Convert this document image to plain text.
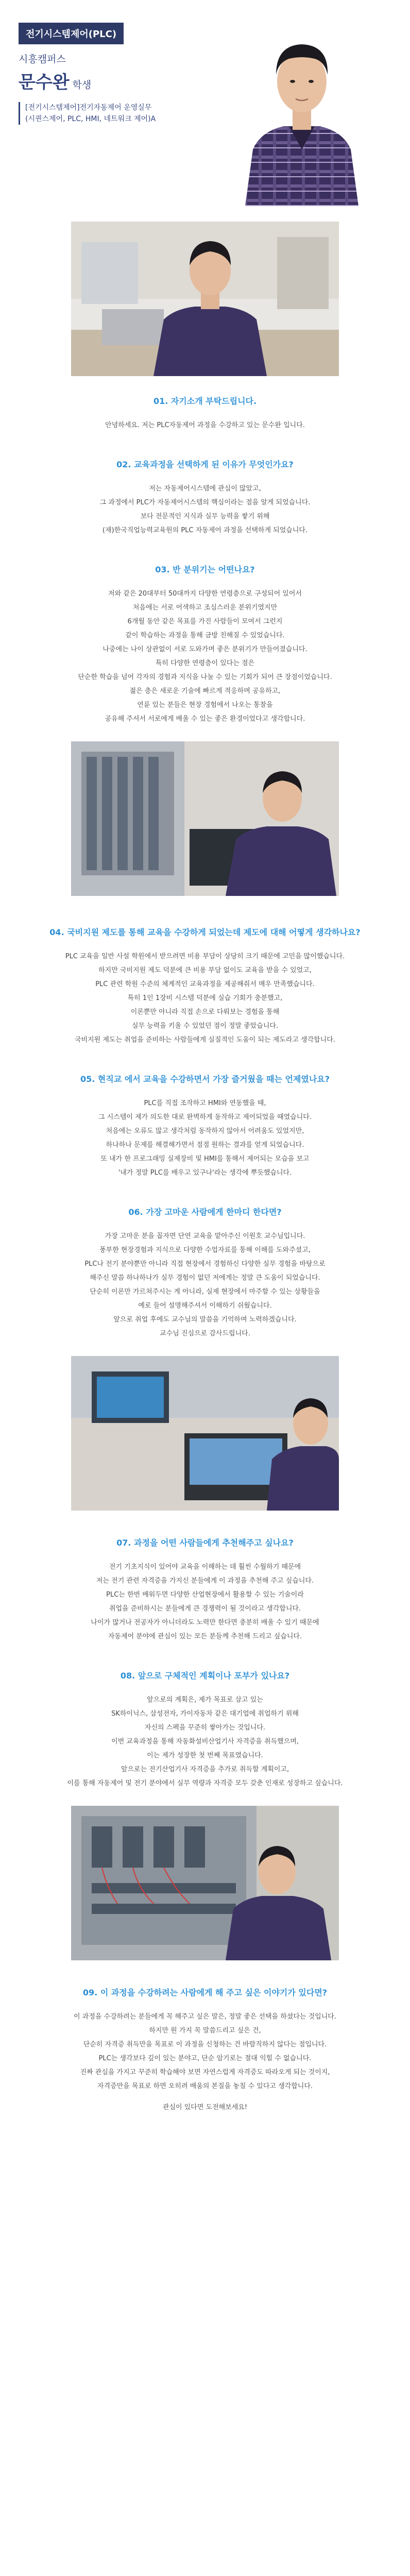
전기시스템제어(PLC)
시흥캠퍼스
문수완 학생
[전기시스템제어]전기자동제어 운영실무
(시퀀스제어, PLC, HMI, 네트워크 제어)A
01. 자기소개 부탁드립니다.

안녕하세요. 저는 PLC자동제어 과정을 수강하고 있는 문수완 입니다.

02. 교육과정을 선택하게 된 이유가 무엇인가요?

저는 자동제어시스템에 관심이 많았고,

그 과정에서 PLC가 자동제어시스템의 핵심이라는 점을 알게 되었습니다.

보다 전문적인 지식과 실무 능력을 쌓기 위해

(재)한국직업능력교육원의 PLC 자동제어 과정을 선택하게 되었습니다.

03. 반 분위기는 어떤나요?

저와 같은 20대부터 50대까지 다양한 연령층으로 구성되어 있어서

처음에는 서로 어색하고 조심스러운 분위기였지만

6개월 동안 같은 목표를 가진 사람들이 모여서 그런지

같이 학습하는 과정을 통해 금방 친해질 수 있었습니다.

나중에는 나이 상관없이 서로 도와가며 좋은 분위기가 만들어졌습니다.

특히 다양한 연령층이 있다는 점은

단순한 학습을 넘어 각자의 경험과 지식을 나눌 수 있는 기회가 되어 큰 장점이었습니다.

젊은 층은 새로운 기술에 빠르게 적응하며 공유하고,

연륜 있는 분들은 현장 경험에서 나오는 통찰을

공유해 주셔서 서로에게 배울 수 있는 좋은 환경이었다고 생각합니다.

04. 국비지원 제도를 통해 교육을 수강하게 되었는데 제도에 대해 어떻게 생각하나요?

PLC 교육을 일반 사설 학원에서 받으려면 비용 부담이 상당히 크기 때문에 고민을 많이했습니다.

하지만 국비지원 제도 덕분에 큰 비용 부담 없이도 교육을 받을 수 있었고,

PLC 관련 학원 수준의 체계적인 교육과정을 제공해줘서 매우 만족했습니다.

특히 1인 1장비 시스템 덕분에 실습 기회가 충분했고,

이론뿐만 아니라 직접 손으로 다뤄보는 경험을 통해

실무 능력을 키울 수 있었던 점이 정말 좋았습니다.

국비지원 제도는 취업을 준비하는 사람들에게 실질적인 도움이 되는 제도라고 생각합니다.

05. 현직교 에서 교육을 수강하면서 가장 즐거웠을 때는 언제였나요?

PLC를 직접 조작하고 HMI와 연동했을 때,

그 시스템이 제가 의도한 대로 완벽하게 동작하고 제어되었을 때였습니다.

처음에는 오류도 많고 생각처럼 동작하지 않아서 어려움도 있었지만,

하나하나 문제를 해결해가면서 점점 원하는 결과를 얻게 되었습니다.

또 내가 한 프로그래밍 실제장비 및 HMI를 통해서 제어되는 모습을 보고

'내가 정말 PLC를 배우고 있구나'라는 생각에 뿌듯했습니다.

06. 가장 고마운 사람에게 한마디 한다면?

가장 고마운 분을 꼽자면 단연 교육을 맡아주신 이원호 교수님입니다.

풍부한 현장경험과 지식으로 다양한 수업자료를 통해 이해를 도와주셨고,

PLC나 전기 분야뿐만 아니라 직접 현장에서 경험하신 다양한 실무 경험을 바탕으로

해주신 말씀 하나하나가 실무 경험이 없던 저에게는 정말 큰 도움이 되었습니다.

단순히 이론만 가르쳐주시는 게 아니라, 실제 현장에서 마주할 수 있는 상황들을

예로 들어 설명해주셔서 이해하기 쉬웠습니다.

앞으로 취업 후에도 교수님의 말씀을 기억하며 노력하겠습니다.

교수님 진심으로 감사드립니다.

07. 과정을 어떤 사람들에게 추천해주고 싶나요?

전기 기초지식이 있어야 교육을 이해하는 데 훨씬 수월하기 때문에

저는 전기 관련 자격증을 가지신 분들에게 이 과정을 추천해 주고 싶습니다.

PLC는 한번 배워두면 다양한 산업현장에서 활용할 수 있는 기술이라

취업을 준비하시는 분들에게 큰 경쟁력이 될 것이라고 생각합니다.

나이가 많거나 전공자가 아니더라도 노력만 한다면 충분히 배울 수 있기 때문에

자동제어 분야에 관심이 있는 모든 분들께 추천해 드리고 싶습니다.

08. 앞으로 구체적인 계획이나 포부가 있나요?

앞으로의 계획은, 제가 목표로 삼고 있는

SK하이닉스, 삼성전자, 가이자동차 같은 대기업에 취업하기 위해

자신의 스펙을 꾸준히 쌓아가는 것입니다.

이번 교육과정을 통해 자동화설비산업기사 자격증을 취득했으며,

이는 제가 성장한 첫 번째 목표였습니다.

앞으로는 전기산업기사 자격증을 추가로 취득할 계획이고,

이를 통해 자동제어 및 전기 분야에서 실무 역량과 자격증 모두 갖춘 인재로 성장하고 싶습니다.

09. 이 과정을 수강하려는 사람에게 해 주고 싶은 이야기가 있다면?

이 과정을 수강하려는 분들에게 꼭 해주고 싶은 말은, 정말 좋은 선택을 하셨다는 것입니다.

하지만 원 가지 꼭 말씀드리고 싶은 건,

단순히 자격증 취득만을 목표로 이 과정을 신청하는 건 바람직하지 않다는 점입니다.

PLC는 생각보다 깊이 있는 분야고, 단순 암기로는 절대 익힐 수 없습니다.

진짜 관심을 가지고 꾸준히 학습해야 보면 자연스럽게 자격증도 따라오게 되는 것이지,

자격증만을 목표로 하면 오히려 배움의 본질을 놓칠 수 있다고 생각합니다.

관심이 있다면 도전해보세요!
